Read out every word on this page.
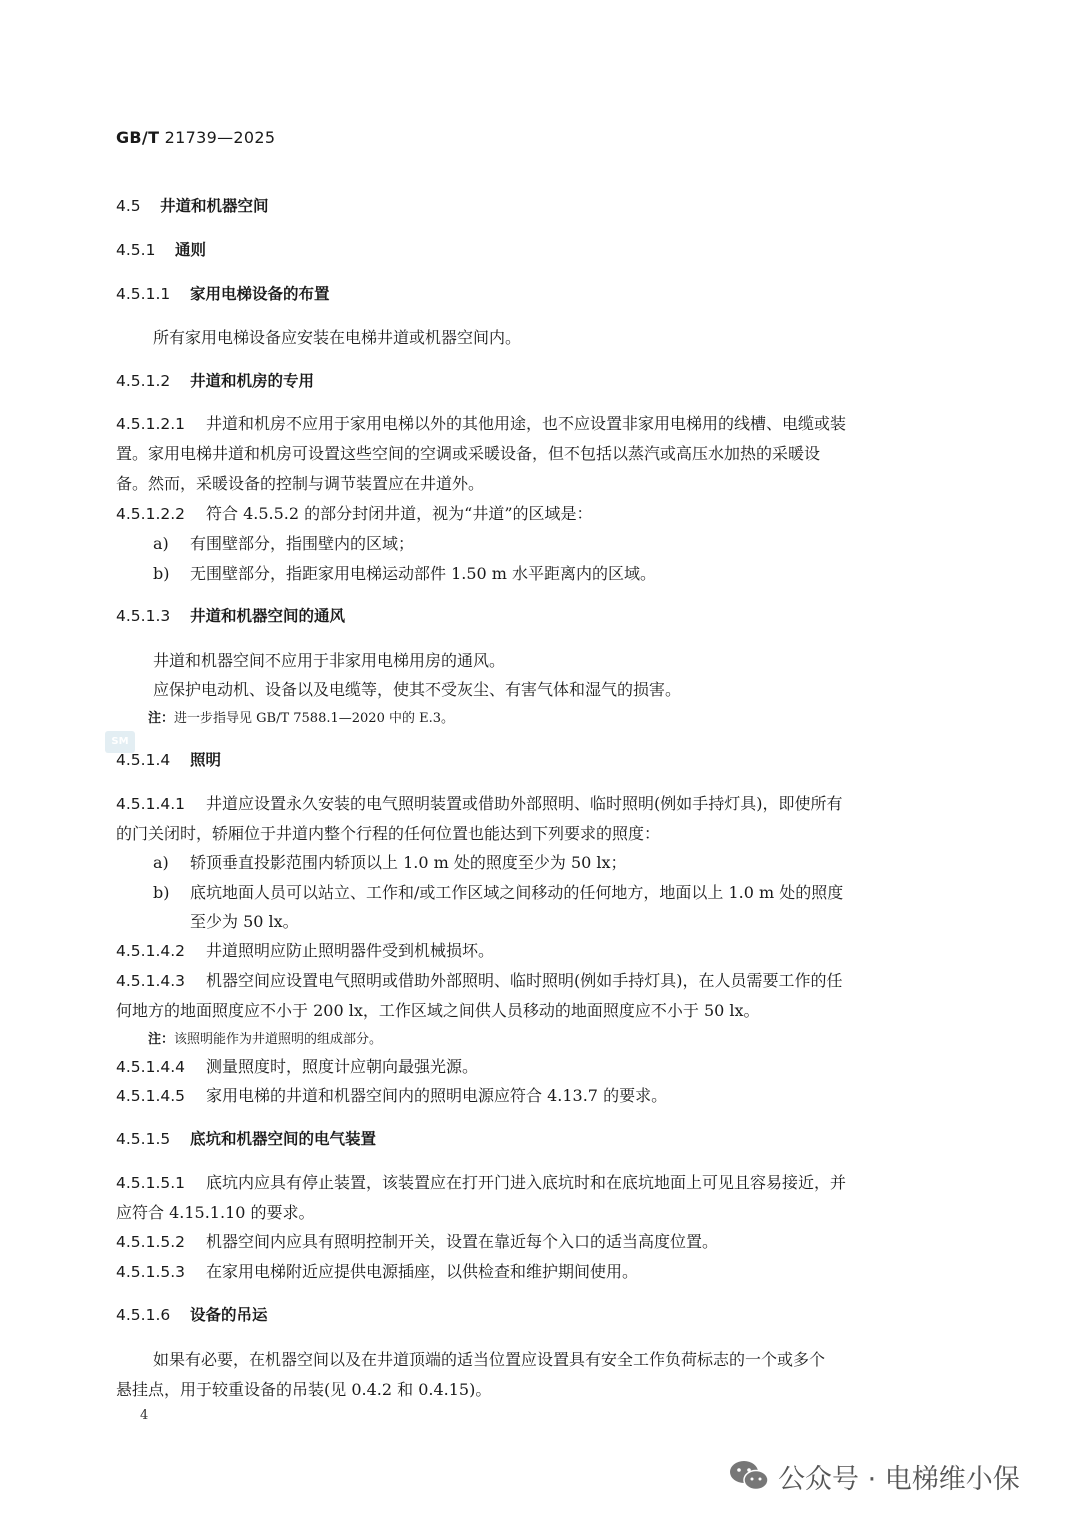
GB/T 21739—2025
4.5 井道和机器空间
4.5.1 通则
4.5.1.1 家用电梯设备的布置
所有家用电梯设备应安装在电梯井道或机器空间内。
4.5.1.2 井道和机房的专用
4.5.1.2.1 井道和机房不应用于家用电梯以外的其他用途，也不应设置非家用电梯用的线槽、电缆或装
置。家用电梯井道和机房可设置这些空间的空调或采暖设备，但不包括以蒸汽或高压水加热的采暖设
备。然而，采暖设备的控制与调节装置应在井道外。
4.5.1.2.2 符合 4.5.5.2 的部分封闭井道，视为“井道”的区域是：
a) 有围壁部分，指围壁内的区域；
b) 无围壁部分，指距家用电梯运动部件 1.50 m 水平距离内的区域。
4.5.1.3 井道和机器空间的通风
井道和机器空间不应用于非家用电梯用房的通风。
应保护电动机、设备以及电缆等，使其不受灰尘、有害气体和湿气的损害。
注：进一步指导见 GB/T 7588.1—2020 中的 E.3。
SM
4.5.1.4 照明
4.5.1.4.1 井道应设置永久安装的电气照明装置或借助外部照明、临时照明(例如手持灯具)，即使所有
的门关闭时，轿厢位于井道内整个行程的任何位置也能达到下列要求的照度：
a) 轿顶垂直投影范围内轿顶以上 1.0 m 处的照度至少为 50 lx；
b) 底坑地面人员可以站立、工作和/或工作区域之间移动的任何地方，地面以上 1.0 m 处的照度
至少为 50 lx。
4.5.1.4.2 井道照明应防止照明器件受到机械损坏。
4.5.1.4.3 机器空间应设置电气照明或借助外部照明、临时照明(例如手持灯具)，在人员需要工作的任
何地方的地面照度应不小于 200 lx，工作区域之间供人员移动的地面照度应不小于 50 lx。
注：该照明能作为井道照明的组成部分。
4.5.1.4.4 测量照度时，照度计应朝向最强光源。
4.5.1.4.5 家用电梯的井道和机器空间内的照明电源应符合 4.13.7 的要求。
4.5.1.5 底坑和机器空间的电气装置
4.5.1.5.1 底坑内应具有停止装置，该装置应在打开门进入底坑时和在底坑地面上可见且容易接近，并
应符合 4.15.1.10 的要求。
4.5.1.5.2 机器空间内应具有照明控制开关，设置在靠近每个入口的适当高度位置。
4.5.1.5.3 在家用电梯附近应提供电源插座，以供检查和维护期间使用。
4.5.1.6 设备的吊运
如果有必要，在机器空间以及在井道顶端的适当位置应设置具有安全工作负荷标志的一个或多个
悬挂点，用于较重设备的吊装(见 0.4.2 和 0.4.15)。
4
公众号 · 电梯维小保
